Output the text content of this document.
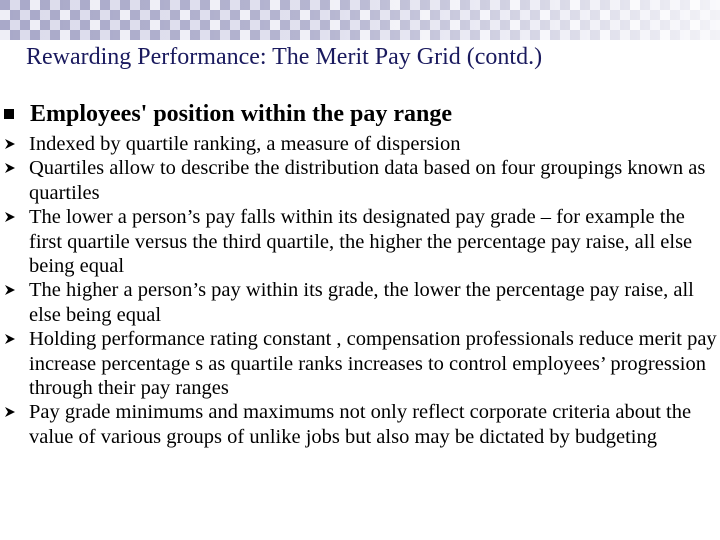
Rewarding Performance: The Merit Pay Grid (contd.)
Employees' position within the pay range
Indexed by quartile ranking, a measure of dispersion
Quartiles allow to describe the distribution data based on four groupings known as quartiles
The lower a person’s pay falls within its designated pay grade – for example the first quartile versus the third quartile, the higher the percentage pay raise, all else being equal
The higher a person’s pay within its grade, the lower the percentage pay raise, all else being equal
Holding performance rating constant , compensation professionals reduce merit pay increase percentage s as quartile ranks increases to control employees’ progression through their pay ranges
Pay grade minimums and maximums not only reflect corporate criteria about the value of various groups of unlike jobs but also may be dictated by budgeting
